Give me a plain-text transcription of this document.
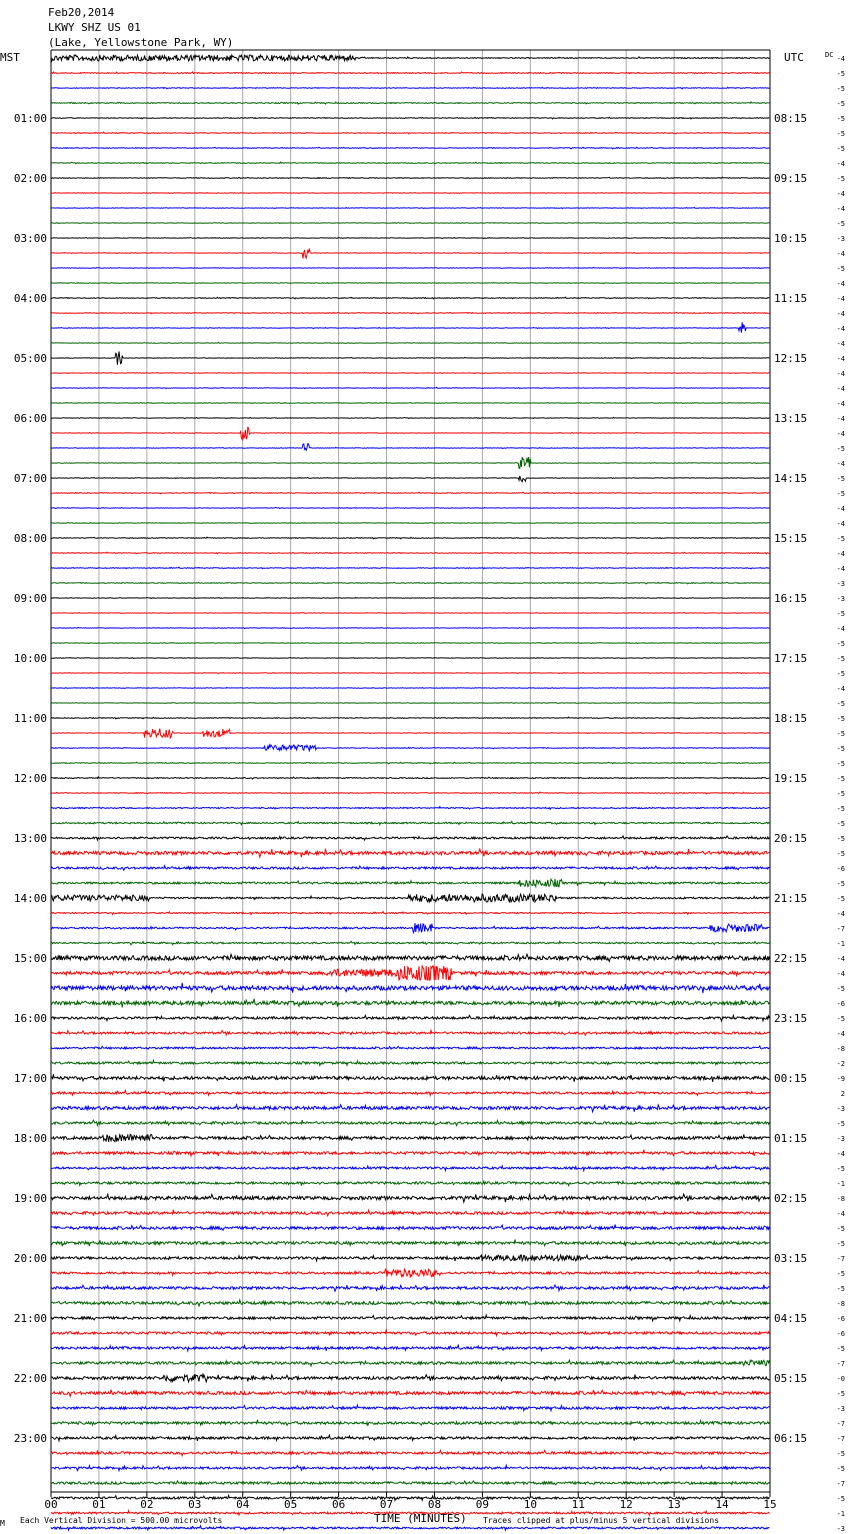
Feb20,2014
LKWY SHZ US 01
(Lake, Yellowstone Park, WY)
MST	UTC	DC
01:00
02:00
03:00
04:00
05:00
06:00
07:00
08:00
09:00
10:00
11:00
12:00
13:00
14:00
15:00
16:00
17:00
18:00
19:00
20:00
21:00
22:00
23:00
08:15
09:15
10:15
11:15
12:15
13:15
14:15
15:15
16:15
17:15
18:15
19:15
20:15
21:15
22:15
23:15
00:15
01:15
02:15
03:15
04:15
05:15
06:15
-4
-5
-5
-5
-5
-5
-5
-4
-5
-4
-4
-5
-3
-4
-5
-4
-4
-4
-4
-4
-4
-4
-4
-4
-4
-4
-5
-4
-5
-5
-4
-4
-5
-4
-4
-3
-3
-5
-4
-5
-5
-5
-4
-5
-5
-5
-5
-5
-5
-5
-5
-5
-5
-5
-6
-5
-5
-4
-7
-1
-4
-4
-5
-6
-5
-4
-8
-2
-9
2
-3
-5
-3
-4
-5
-1
-8
-4
-5
-5
-7
-5
-5
-8
-6
-6
-5
-7
-0
-5
-3
-7
-7
-5
-5
-7
-5
-1
-3
00	01	02	03	04	05	06	07	08	09	10	11	12	13	14	15
M Each Vertical Division = 500.00 microvolts	TIME (MINUTES) Traces clipped at plus/minus 5 vertical divisions
